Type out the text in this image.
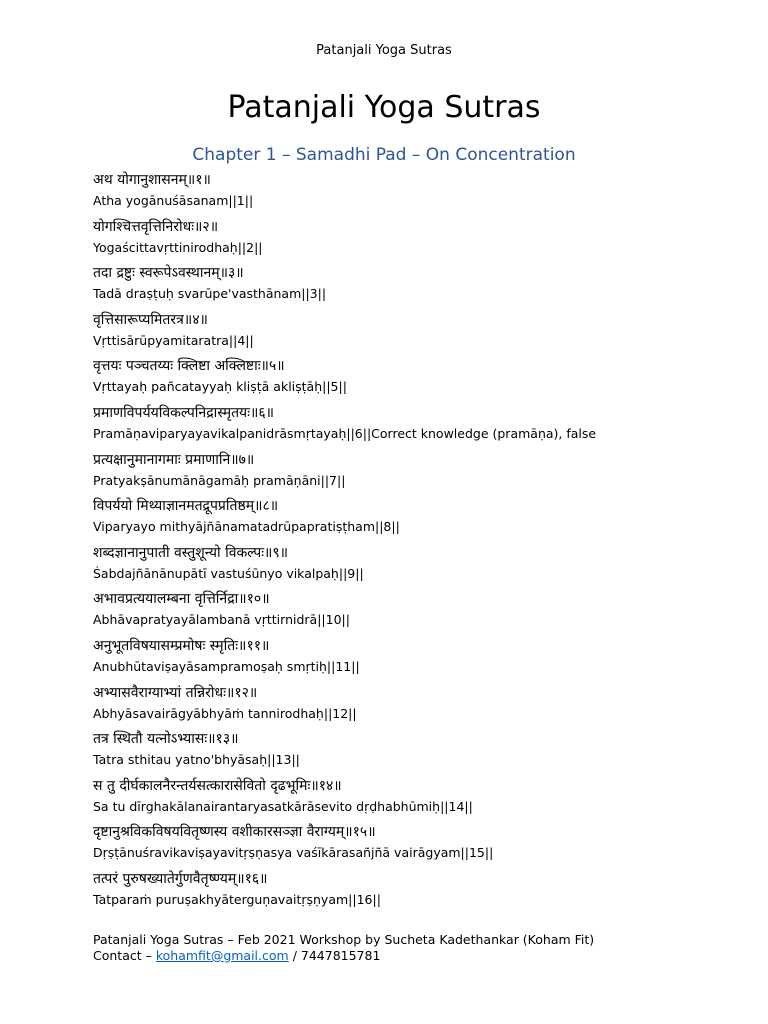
Patanjali Yoga Sutras
Patanjali Yoga Sutras
Chapter 1 – Samadhi Pad – On Concentration
अथ योगानुशासनम्॥१॥
Atha yogānuśāsanam||1||
योगश्चित्तवृत्तिनिरोधः॥२॥
Yogaścittavṛttinirodhaḥ||2||
तदा द्रष्टुः स्वरूपेऽवस्थानम्॥३॥
Tadā draṣṭuḥ svarūpe'vasthānam||3||
वृत्तिसारूप्यमितरत्र॥४॥
Vṛttisārūpyamitaratra||4||
वृत्तयः पञ्चतय्यः क्लिष्टा अक्लिष्टाः॥५॥
Vṛttayaḥ pañcatayyaḥ kliṣṭā akliṣṭāḥ||5||
प्रमाणविपर्ययविकल्पनिद्रास्मृतयः॥६॥
Pramāṇaviparyayavikalpanidrāsmṛtayaḥ||6||Correct knowledge (pramāṇa), false
प्रत्यक्षानुमानागमाः प्रमाणानि॥७॥
Pratyakṣānumānāgamāḥ pramāṇāni||7||
विपर्ययो मिथ्याज्ञानमतद्रूपप्रतिष्ठम्॥८॥
Viparyayo mithyājñānamatadrūpapratiṣṭham||8||
शब्दज्ञानानुपाती वस्तुशून्यो विकल्पः॥९॥
Śabdajñānānupātī vastuśūnyo vikalpaḥ||9||
अभावप्रत्ययालम्बना वृत्तिर्निद्रा॥१०॥
Abhāvapratyayālambanā vṛttirnidrā||10||
अनुभूतविषयासम्प्रमोषः स्मृतिः॥११॥
Anubhūtaviṣayāsampramoṣaḥ smṛtiḥ||11||
अभ्यासवैराग्याभ्यां तन्निरोधः॥१२॥
Abhyāsavairāgyābhyāṁ tannirodhaḥ||12||
तत्र स्थितौ यत्नोऽभ्यासः॥१३॥
Tatra sthitau yatno'bhyāsaḥ||13||
स तु दीर्घकालनैरन्तर्यसत्कारासेवितो दृढभूमिः॥१४॥
Sa tu dīrghakālanairantaryasatkārāsevito dṛḍhabhūmiḥ||14||
दृष्टानुश्रविकविषयवितृष्णस्य वशीकारसञ्ज्ञा वैराग्यम्॥१५॥
Dṛṣṭānuśravikaviṣayavitṛṣṇasya vaśīkārasañjñā vairāgyam||15||
तत्परं पुरुषख्यातेर्गुणवैतृष्ण्यम्॥१६॥
Tatparaṁ puruṣakhyāterguṇavaitṛṣṇyam||16||
Patanjali Yoga Sutras – Feb 2021 Workshop by Sucheta Kadethankar (Koham Fit)
Contact – kohamfit@gmail.com / 7447815781
